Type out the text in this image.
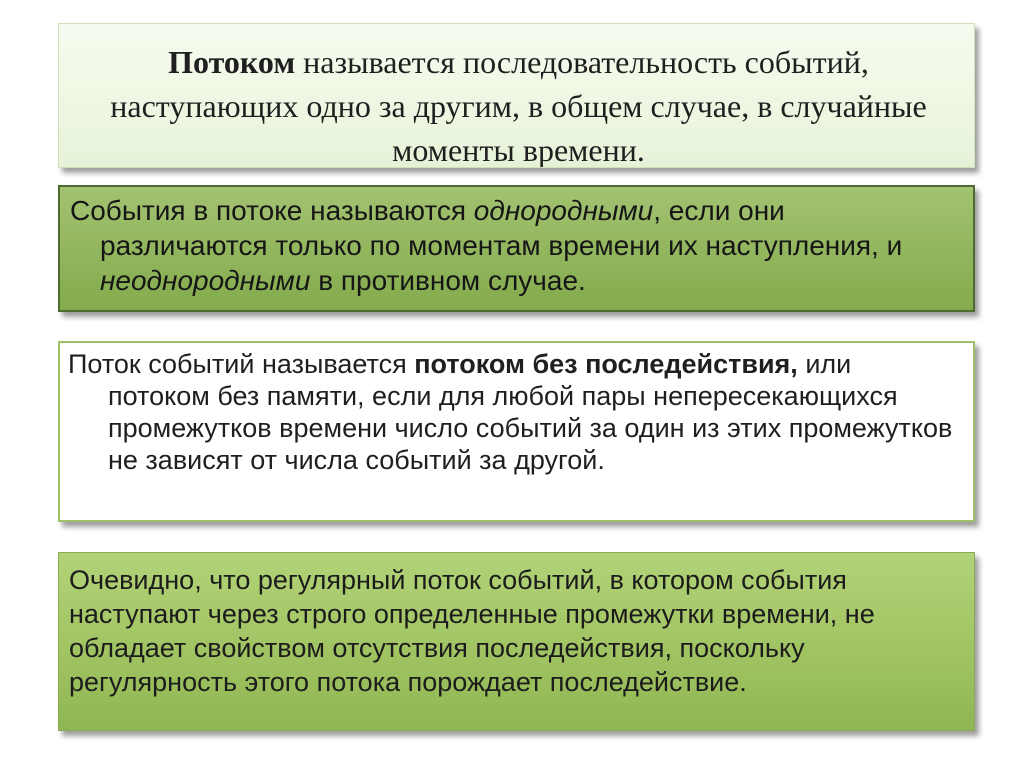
Потоком называется последовательность событий, наступающих одно за другим, в общем случае, в случайные моменты времени.

События в потоке называются однородными, если они различаются только по моментам времени их наступления, и неоднородными в противном случае.

Поток событий называется потоком без последействия, или потоком без памяти, если для любой пары непересекающихся промежутков времени число событий за один из этих промежутков не зависят от числа событий за другой.

Очевидно, что регулярный поток событий, в котором события наступают через строго определенные промежутки времени, не обладает свойством отсутствия последействия, поскольку регулярность этого потока порождает последействие.
